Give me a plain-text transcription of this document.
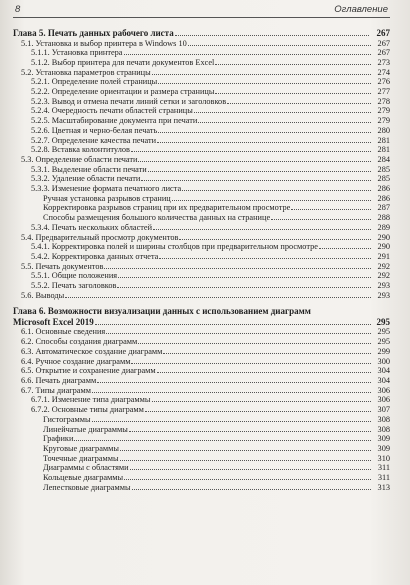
8	Оглавление
Глава 5. Печать данных рабочего листа	267
5.1. Установка и выбор принтера в Windows 10	267
5.1.1. Установка принтера	267
5.1.2. Выбор принтера для печати документов Excel	273
5.2. Установка параметров страницы	274
5.2.1. Определение полей страницы	276
5.2.2. Определение ориентации и размера страницы	277
5.2.3. Вывод и отмена печати линий сетки и заголовков	278
5.2.4. Очередность печати областей страницы	279
5.2.5. Масштабирование документа при печати	279
5.2.6. Цветная и черно-белая печать	280
5.2.7. Определение качества печати	281
5.2.8. Вставка колонтитулов	281
5.3. Определение области печати	284
5.3.1. Выделение области печати	285
5.3.2. Удаление области печати	285
5.3.3. Изменение формата печатного листа	286
Ручная установка разрывов страниц	286
Корректировка разрывов страниц при их предварительном просмотре	287
Способы размещения большого количества данных на странице	288
5.3.4. Печать нескольких областей	289
5.4. Предварительный просмотр документов	290
5.4.1. Корректировка полей и ширины столбцов при предварительном просмотре	290
5.4.2. Корректировка данных отчета	291
5.5. Печать документов	292
5.5.1. Общие положения	292
5.5.2. Печать заголовков	293
5.6. Выводы	293
Глава 6. Возможности визуализации данных с использованием диаграмм
Microsoft Excel 2019	295
6.1. Основные сведения	295
6.2. Способы создания диаграмм	295
6.3. Автоматическое создание диаграмм	299
6.4. Ручное создание диаграмм	300
6.5. Открытие и сохранение диаграмм	304
6.6. Печать диаграмм	304
6.7. Типы диаграмм	306
6.7.1. Изменение типа диаграммы	306
6.7.2. Основные типы диаграмм	307
Гистограммы	308
Линейчатые диаграммы	308
Графики	309
Круговые диаграммы	309
Точечные диаграммы	310
Диаграммы с областями	311
Кольцевые диаграммы	311
Лепестковые диаграммы	313
